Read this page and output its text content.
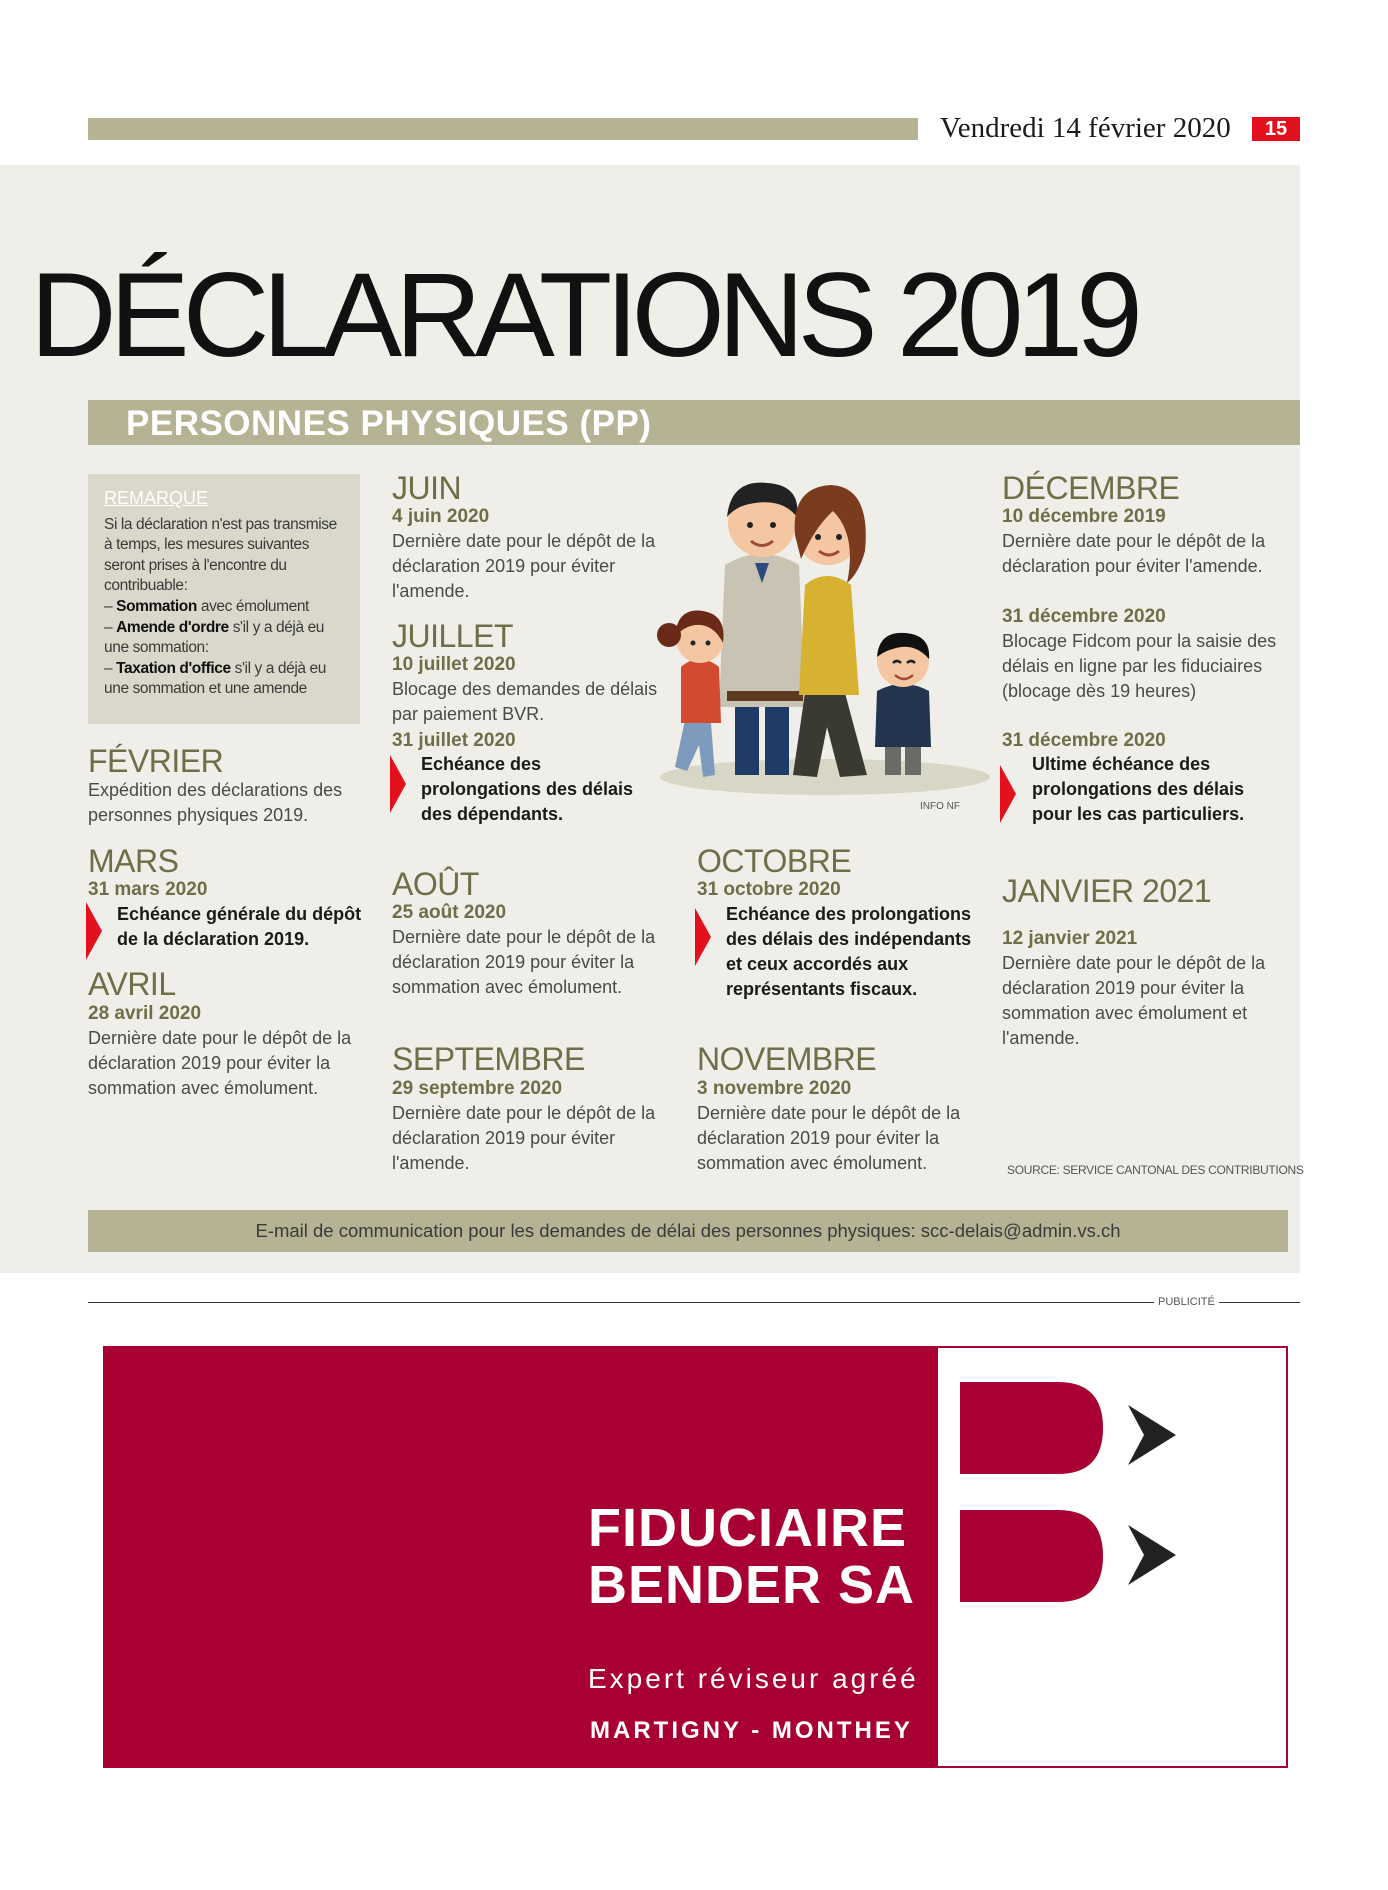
Vendredi 14 février 2020	15
DÉCLARATIONS 2019
PERSONNES PHYSIQUES (PP)
REMARQUE
Si la déclaration n'est pas transmise à temps, les mesures suivantes seront prises à l'encontre du contribuable:
– Sommation avec émolument
– Amende d'ordre s'il y a déjà eu une sommation:
– Taxation d'office s'il y a déjà eu une sommation et une amende
FÉVRIER
Expédition des déclarations des personnes physiques 2019.
MARS
31 mars 2020
Echéance générale du dépôt de la déclaration 2019.
AVRIL
28 avril 2020
Dernière date pour le dépôt de la déclaration 2019 pour éviter la sommation avec émolument.
JUIN
4 juin 2020
Dernière date pour le dépôt de la déclaration 2019 pour éviter l'amende.
JUILLET
10 juillet 2020
Blocage des demandes de délais par paiement BVR.
31 juillet 2020
Echéance des prolongations des délais des dépendants.
AOÛT
25 août 2020
Dernière date pour le dépôt de la déclaration 2019 pour éviter la sommation avec émolument.
SEPTEMBRE
29 septembre 2020
Dernière date pour le dépôt de la déclaration 2019 pour éviter l'amende.
INFO NF
OCTOBRE
31 octobre 2020
Echéance des prolongations des délais des indépendants et ceux accordés aux représentants fiscaux.
NOVEMBRE
3 novembre 2020
Dernière date pour le dépôt de la déclaration 2019 pour éviter la sommation avec émolument.
DÉCEMBRE
10 décembre 2019
Dernière date pour le dépôt de la déclaration pour éviter l'amende.
31 décembre 2020
Blocage Fidcom pour la saisie des délais en ligne par les fiduciaires (blocage dès 19 heures)
31 décembre 2020
Ultime échéance des prolongations des délais pour les cas particuliers.
JANVIER 2021
12 janvier 2021
Dernière date pour le dépôt de la déclaration 2019 pour éviter la sommation avec émolument et l'amende.
SOURCE: SERVICE CANTONAL DES CONTRIBUTIONS
E-mail de communication pour les demandes de délai des personnes physiques: scc-delais@admin.vs.ch
PUBLICITÉ
FIDUCIAIRE
BENDER SA
Expert réviseur agréé
MARTIGNY - MONTHEY
